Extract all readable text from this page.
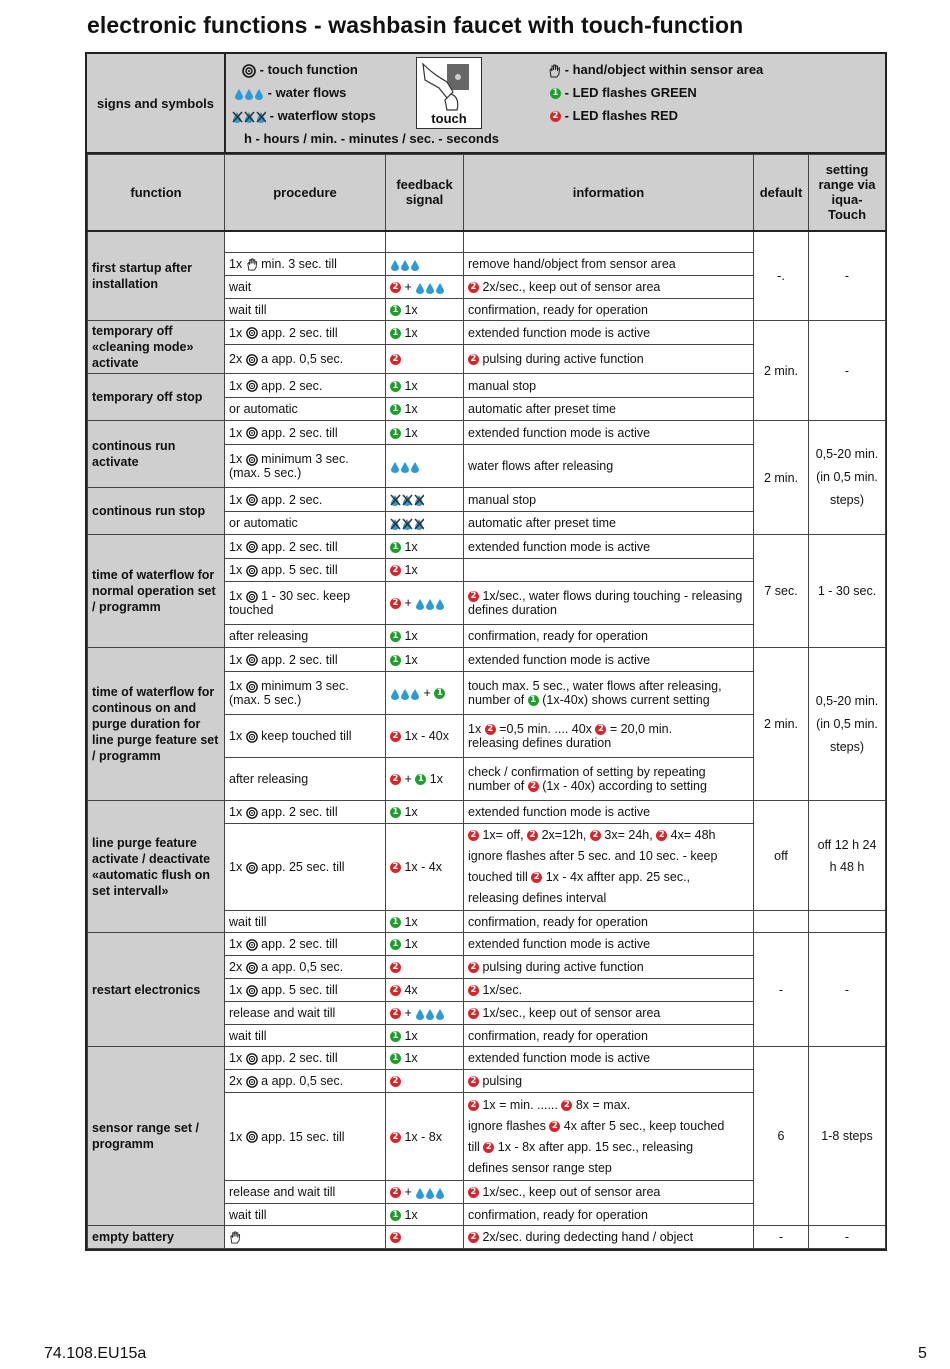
electronic functions - washbasin faucet with touch-function
signs and symbols
- touch function
- water flows
- waterflow stops
h - hours / min. - minutes / sec. - seconds
touch
- hand/object within sensor area
1 - LED flashes GREEN
2 - LED flashes RED
function	procedure	feedback signal	information	default	setting range via iqua-Touch
first startup after installation				-.	-
	1x min. 3 sec. till		remove hand/object from sensor area		
	wait	2 +	2 2x/sec., keep out of sensor area		
	wait till	1 1x	confirmation, ready for operation		
temporary off «cleaning mode» activate	1x app. 2 sec. till	1 1x	extended function mode is active	2 min.	-
	2x a app. 0,5 sec.	2	2 pulsing during active function		
temporary off stop	1x app. 2 sec.	1 1x	manual stop		
	or automatic	1 1x	automatic after preset time		
continous run activate	1x app. 2 sec. till	1 1x	extended function mode is active	2 min.	0,5-20 min. (in 0,5 min. steps)
	1x minimum 3 sec. (max. 5 sec.)		water flows after releasing		
continous run stop	1x app. 2 sec.		manual stop		
	or automatic		automatic after preset time		
time of waterflow for normal operation set / programm	1x app. 2 sec. till	1 1x	extended function mode is active	7 sec.	1 - 30 sec.
	1x app. 5 sec. till	2 1x			
	1x 1 - 30 sec. keep touched	2 +	2 1x/sec., water flows during touching - releasing defines duration		
	after releasing	1 1x	confirmation, ready for operation		
time of waterflow for continous on and purge duration for line purge feature set / programm	1x app. 2 sec. till	1 1x	extended function mode is active	2 min.	0,5-20 min. (in 0,5 min. steps)
	1x minimum 3 sec. (max. 5 sec.)	+ 1	touch max. 5 sec., water flows after releasing,
number of 1 (1x-40x) shows current setting		
	1x keep touched till	2 1x - 40x	1x 2 =0,5 min. .... 40x 2 = 20,0 min.
releasing defines duration		
	after releasing	2 + 1 1x	check / confirmation of setting by repeating
number of 2 (1x - 40x) according to setting		
line purge feature activate / deactivate «automatic flush on set intervall»	1x  app. 2 sec. till	1 1x	extended function mode is active	off	off 12 h 24 h 48 h
	1x app. 25 sec. till	2 1x - 4x	2 1x= off, 2 2x=12h, 2 3x= 24h, 2 4x= 48h
ignore flashes after 5 sec. and 10 sec. - keep
touched till 2 1x - 4x affter app. 25 sec.,
releasing defines interval		
	wait till	1 1x	confirmation, ready for operation		
restart electronics	1x app. 2 sec. till	1 1x	extended function mode is active	-	-
	2x a app. 0,5 sec.	2	2 pulsing during active function		
	1x app. 5 sec. till	2 4x	2 1x/sec.		
	release and wait till	2 +	2 1x/sec., keep out of sensor area		
	wait till	1 1x	confirmation, ready for operation		
sensor range set / programm	1x app. 2 sec. till	1 1x	extended function mode is active	6	1-8 steps
	2x a app. 0,5 sec.	2	2 pulsing		
	1x app. 15 sec. till	2 1x - 8x	2 1x = min. ...... 2 8x = max.
ignore flashes 2 4x after 5 sec., keep touched
till 2 1x - 8x after app. 15 sec., releasing
defines sensor range step		
	release and wait till	2 +	2 1x/sec., keep out of sensor area		
	wait till	1 1x	confirmation, ready for operation		
empty battery		2	2 2x/sec. during dedecting hand / object	-	-
74.108.EU15a	5
